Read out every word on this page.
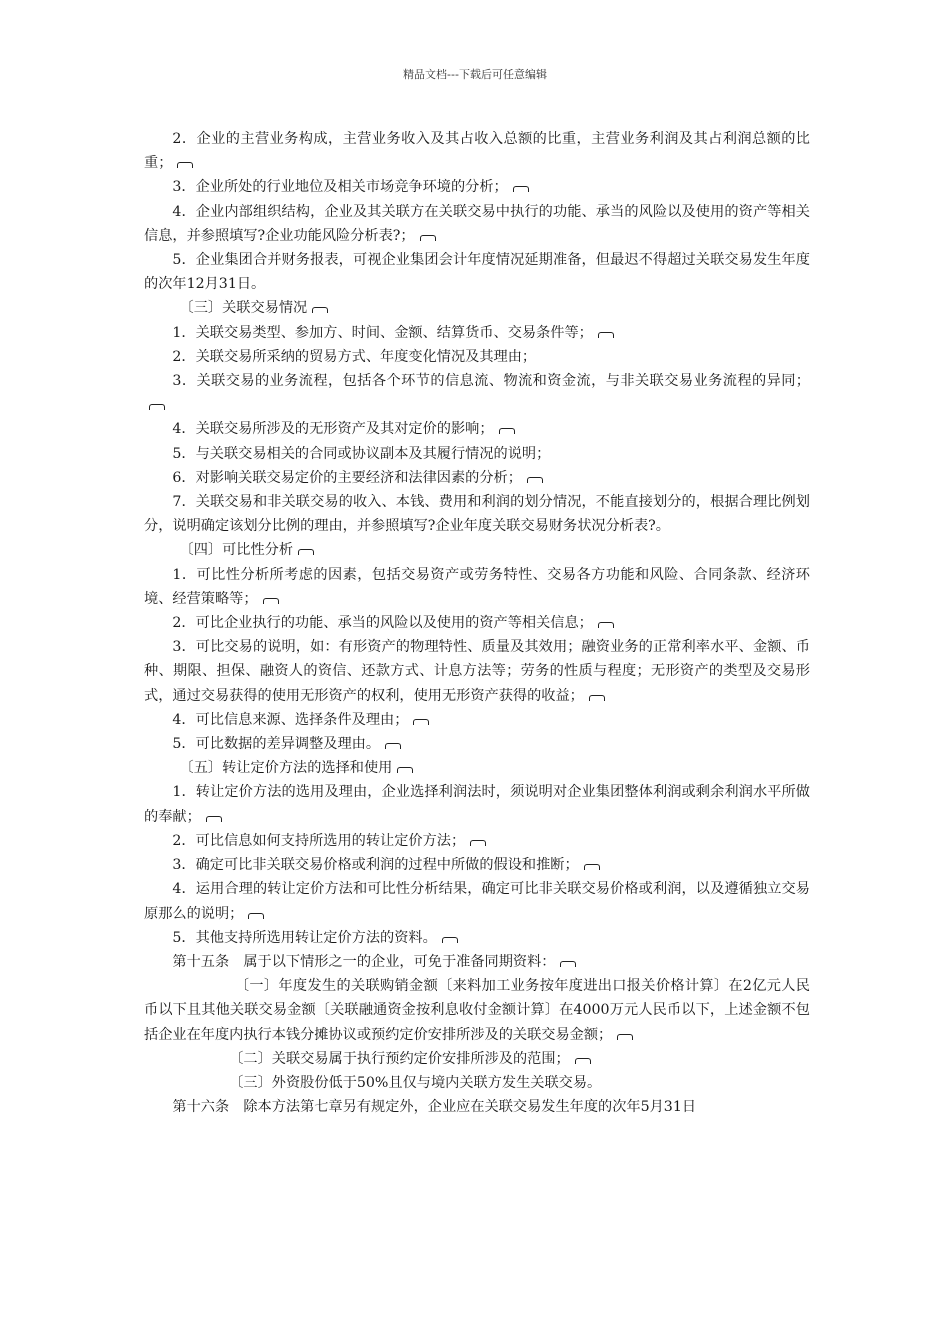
精品文档---下载后可任意编辑

2．企业的主营业务构成，主营业务收入及其占收入总额的比重，主营业务利润及其占利润总额的比重；

3．企业所处的行业地位及相关市场竞争环境的分析；

4．企业内部组织结构，企业及其关联方在关联交易中执行的功能、承当的风险以及使用的资产等相关信息，并参照填写?企业功能风险分析表?；

5．企业集团合并财务报表，可视企业集团会计年度情况延期准备，但最迟不得超过关联交易发生年度的次年12月31日。

〔三〕关联交易情况

1．关联交易类型、参加方、时间、金额、结算货币、交易条件等；

2．关联交易所采纳的贸易方式、年度变化情况及其理由；

3．关联交易的业务流程，包括各个环节的信息流、物流和资金流，与非关联交易业务流程的异同；

4．关联交易所涉及的无形资产及其对定价的影响；

5．与关联交易相关的合同或协议副本及其履行情况的说明；

6．对影响关联交易定价的主要经济和法律因素的分析；

7．关联交易和非关联交易的收入、本钱、费用和利润的划分情况，不能直接划分的，根据合理比例划分，说明确定该划分比例的理由，并参照填写?企业年度关联交易财务状况分析表?。

〔四〕可比性分析

1．可比性分析所考虑的因素，包括交易资产或劳务特性、交易各方功能和风险、合同条款、经济环境、经营策略等；

2．可比企业执行的功能、承当的风险以及使用的资产等相关信息；

3．可比交易的说明，如：有形资产的物理特性、质量及其效用；融资业务的正常利率水平、金额、币种、期限、担保、融资人的资信、还款方式、计息方法等；劳务的性质与程度；无形资产的类型及交易形式，通过交易获得的使用无形资产的权利，使用无形资产获得的收益；

4．可比信息来源、选择条件及理由；

5．可比数据的差异调整及理由。

〔五〕转让定价方法的选择和使用

1．转让定价方法的选用及理由，企业选择利润法时，须说明对企业集团整体利润或剩余利润水平所做的奉献；

2．可比信息如何支持所选用的转让定价方法；

3．确定可比非关联交易价格或利润的过程中所做的假设和推断；

4．运用合理的转让定价方法和可比性分析结果，确定可比非关联交易价格或利润，以及遵循独立交易原那么的说明；

5．其他支持所选用转让定价方法的资料。

第十五条　属于以下情形之一的企业，可免于准备同期资料：

〔一〕年度发生的关联购销金额〔来料加工业务按年度进出口报关价格计算〕在2亿元人民币以下且其他关联交易金额〔关联融通资金按利息收付金额计算〕在4000万元人民币以下，上述金额不包括企业在年度内执行本钱分摊协议或预约定价安排所涉及的关联交易金额；

〔二〕关联交易属于执行预约定价安排所涉及的范围；

〔三〕外资股份低于50%且仅与境内关联方发生关联交易。

第十六条　除本方法第七章另有规定外，企业应在关联交易发生年度的次年5月31日
